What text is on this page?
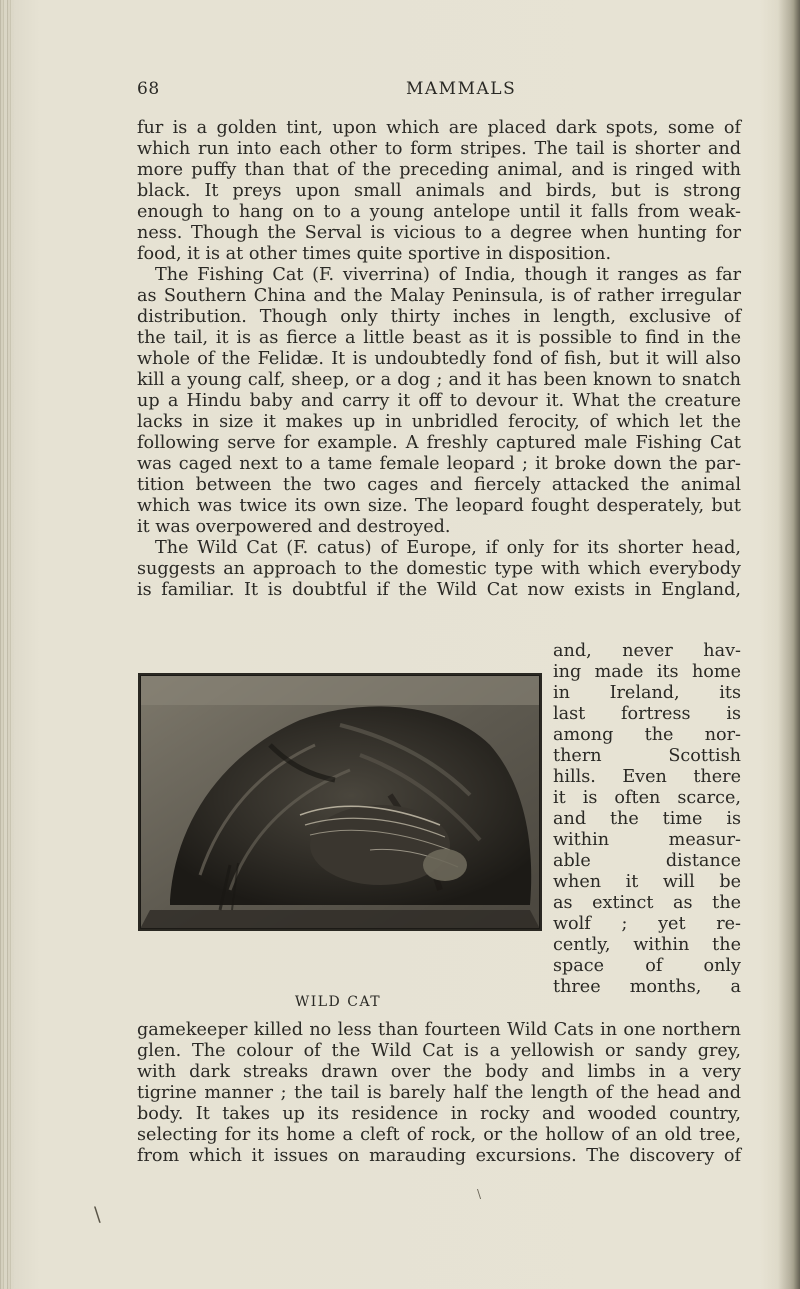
68	MAMMALS
fur is a golden tint, upon which are placed dark spots, some of
which run into each other to form stripes. The tail is shorter and
more puffy than that of the preceding animal, and is ringed with
black. It preys upon small animals and birds, but is strong
enough to hang on to a young antelope until it falls from weak-
ness. Though the Serval is vicious to a degree when hunting for
food, it is at other times quite sportive in disposition.
The Fishing Cat (F. viverrina) of India, though it ranges as far
as Southern China and the Malay Peninsula, is of rather irregular
distribution. Though only thirty inches in length, exclusive of
the tail, it is as fierce a little beast as it is possible to find in the
whole of the Felidæ. It is undoubtedly fond of fish, but it will also
kill a young calf, sheep, or a dog ; and it has been known to snatch
up a Hindu baby and carry it off to devour it. What the creature
lacks in size it makes up in unbridled ferocity, of which let the
following serve for example. A freshly captured male Fishing Cat
was caged next to a tame female leopard ; it broke down the par-
tition between the two cages and fiercely attacked the animal
which was twice its own size. The leopard fought desperately, but
it was overpowered and destroyed.
The Wild Cat (F. catus) of Europe, if only for its shorter head,
suggests an approach to the domestic type with which everybody
is familiar. It is doubtful if the Wild Cat now exists in England,
WILD CAT
and, never hav-
ing made its home
in Ireland, its
last fortress is
among the nor-
thern Scottish
hills. Even there
it is often scarce,
and the time is
within measur-
able distance
when it will be
as extinct as the
wolf ; yet re-
cently, within the
space of only
three months, a
gamekeeper killed no less than fourteen Wild Cats in one northern
glen. The colour of the Wild Cat is a yellowish or sandy grey,
with dark streaks drawn over the body and limbs in a very
tigrine manner ; the tail is barely half the length of the head and
body. It takes up its residence in rocky and wooded country,
selecting for its home a cleft of rock, or the hollow of an old tree,
from which it issues on marauding excursions. The discovery of
\
\
